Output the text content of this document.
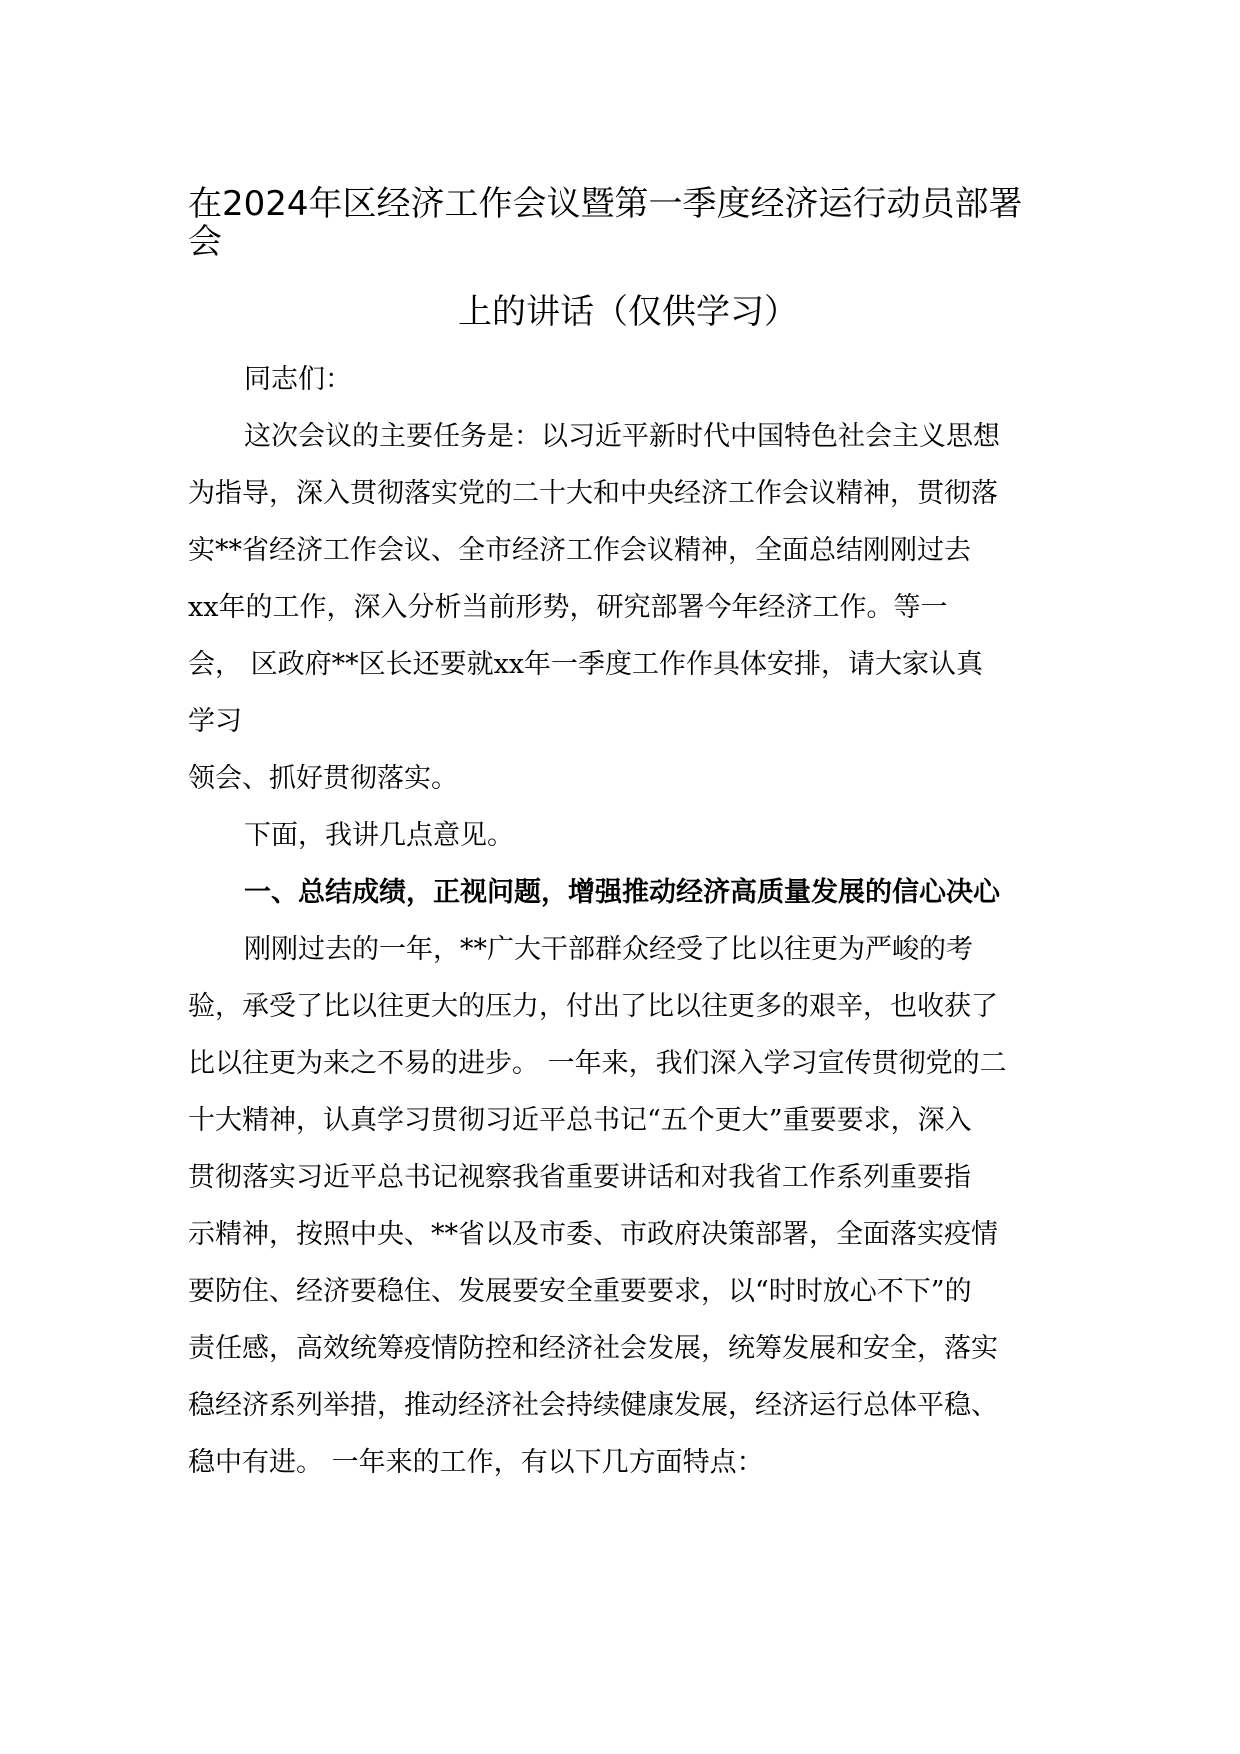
在2024年区经济工作会议暨第一季度经济运行动员部署

会

上的讲话（仅供学习）

同志们：

这次会议的主要任务是：以习近平新时代中国特色社会主义思想
为指导，深入贯彻落实党的二十大和中央经济工作会议精神，贯彻落
实**省经济工作会议、全市经济工作会议精神，全面总结刚刚过去
xx年的工作，深入分析当前形势，研究部署今年经济工作。等一
会， 区政府**区长还要就xx年一季度工作作具体安排，请大家认真
学习
领会、抓好贯彻落实。

下面，我讲几点意见。

一、总结成绩，正视问题，增强推动经济高质量发展的信心决心

刚刚过去的一年，**广大干部群众经受了比以往更为严峻的考
验，承受了比以往更大的压力，付出了比以往更多的艰辛，也收获了
比以往更为来之不易的进步。 一年来，我们深入学习宣传贯彻党的二
十大精神，认真学习贯彻习近平总书记“五个更大”重要要求，深入
贯彻落实习近平总书记视察我省重要讲话和对我省工作系列重要指
示精神，按照中央、**省以及市委、市政府决策部署，全面落实疫情
要防住、经济要稳住、发展要安全重要要求，以“时时放心不下”的
责任感，高效统筹疫情防控和经济社会发展，统筹发展和安全，落实
稳经济系列举措，推动经济社会持续健康发展，经济运行总体平稳、
稳中有进。 一年来的工作，有以下几方面特点：
